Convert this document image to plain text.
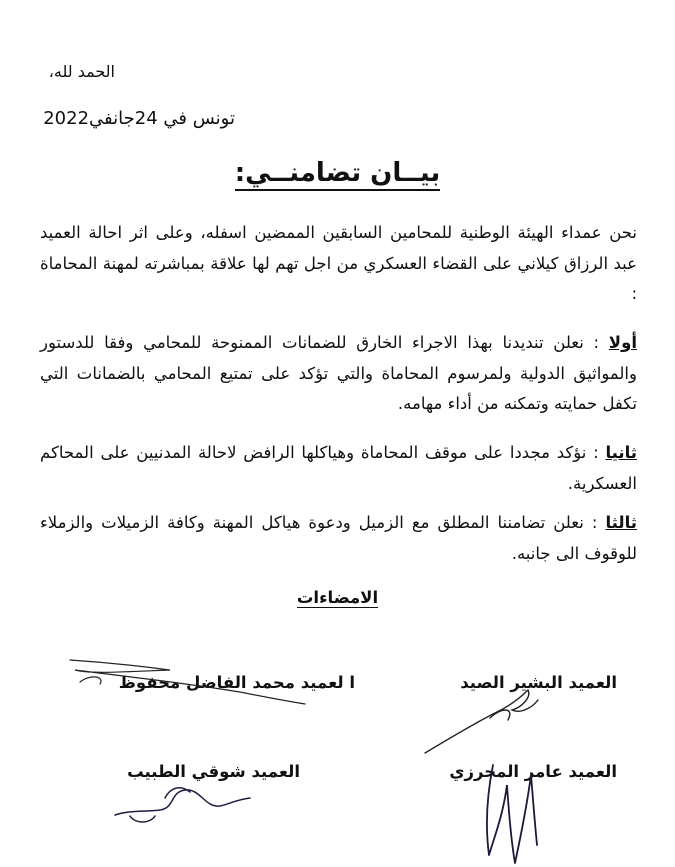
الحمد لله،
تونس في 24جانفي2022
بيــان تضامنــي:
نحن عمداء الهيئة الوطنية للمحامين السابقين الممضين اسفله، وعلى اثر احالة العميد عبد الرزاق كيلاني على القضاء العسكري من اجل تهم لها علاقة بمباشرته لمهنة المحاماة :
أولا : نعلن تنديدنا بهذا الاجراء الخارق للضمانات الممنوحة للمحامي وفقا للدستور والمواثيق الدولية ولمرسوم المحاماة والتي تؤكد على تمتيع المحامي بالضمانات التي تكفل حمايته وتمكنه من أداء مهامه.
ثانيا : نؤكد مجددا على موقف المحاماة وهياكلها الرافض لاحالة المدنيين على المحاكم العسكرية.
ثالثا : نعلن تضامننا المطلق مع الزميل ودعوة هياكل المهنة وكافة الزميلات والزملاء للوقوف الى جانبه.
الامضاءات
العميد البشير الصيد
ا لعميد محمد الفاضل محفوظ
العميد عامر المحرزي
العميد شوقي الطبيب
